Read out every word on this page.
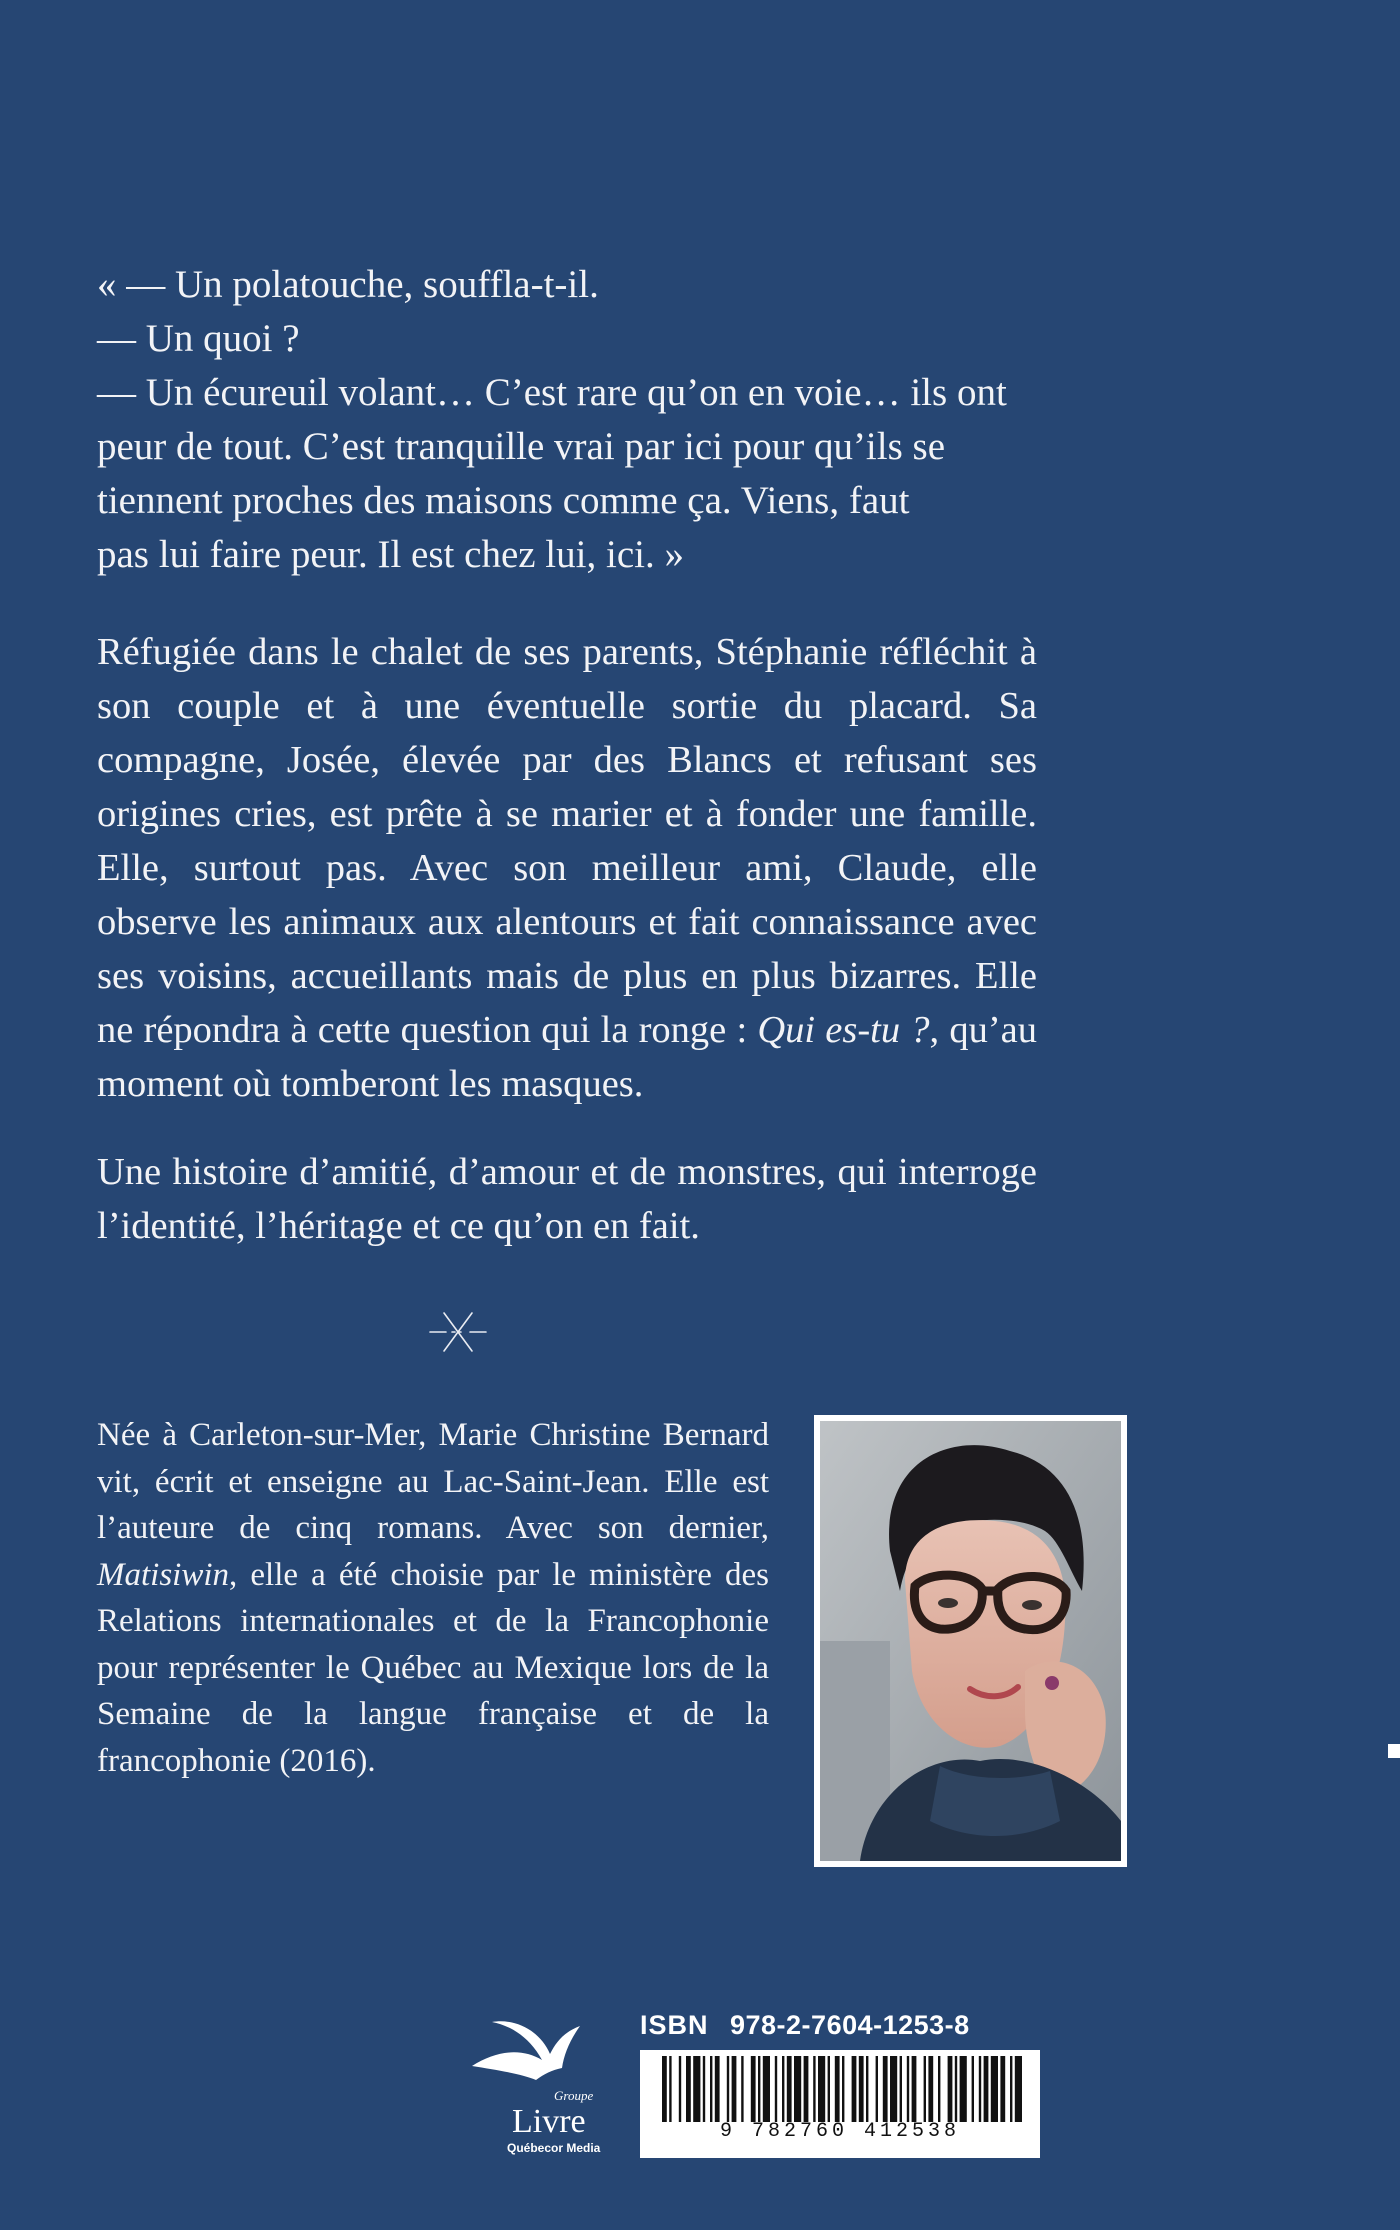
« — Un polatouche, souffla-t-il.

— Un quoi ?

— Un écureuil volant… C’est rare qu’on en voie… ils ont

peur de tout. C’est tranquille vrai par ici pour qu’ils se

tiennent proches des maisons comme ça. Viens, faut

pas lui faire peur. Il est chez lui, ici. »

Réfugiée dans le chalet de ses parents, Stéphanie réfléchit à son couple et à une éventuelle sortie du placard. Sa compagne, Josée, élevée par des Blancs et refusant ses origines cries, est prête à se marier et à fonder une famille. Elle, surtout pas. Avec son meilleur ami, Claude, elle observe les animaux aux alentours et fait connaissance avec ses voisins, accueillants mais de plus en plus bizarres. Elle ne répondra à cette question qui la ronge : Qui es-tu ?, qu’au moment où tomberont les masques.

Une histoire d’amitié, d’amour et de monstres, qui interroge l’identité, l’héritage et ce qu’on en fait.

Née à Carleton-sur-Mer, Marie Christine Bernard vit, écrit et enseigne au Lac-Saint-Jean. Elle est l’auteure de cinq romans. Avec son dernier, Matisiwin, elle a été choisie par le ministère des Relations internationales et de la Francophonie pour représenter le Québec au Mexique lors de la Semaine de la langue française et de la francophonie (2016).

Groupe
Livre
Québecor Media
ISBN 978-2-7604-1253-8
9 782760 412538
